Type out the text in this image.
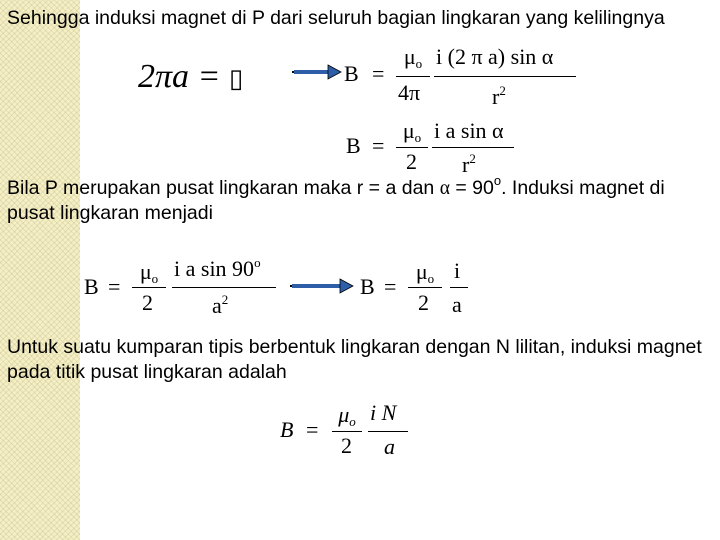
Sehingga induksi magnet di P dari seluruh bagian lingkaran yang kelilingnya

2πa = ▯	B =
$\mu_o$
4π
i (2 π a) sin α
$r^2$
B =
$\mu_o$
2
i a sin α
$r^2$

Bila P merupakan pusat lingkaran maka r = a dan $\alpha = 90^o$. Induksi magnet di pusat lingkaran menjadi

B =
$\mu_o$
2
i a sin 90$^o$
$a^2$
B =
$\mu_o$
2
i
a

Untuk suatu kumparan tipis berbentuk lingkaran dengan N lilitan, induksi magnet pada titik pusat lingkaran adalah

B =
$\mu_o$
2
i N
a
